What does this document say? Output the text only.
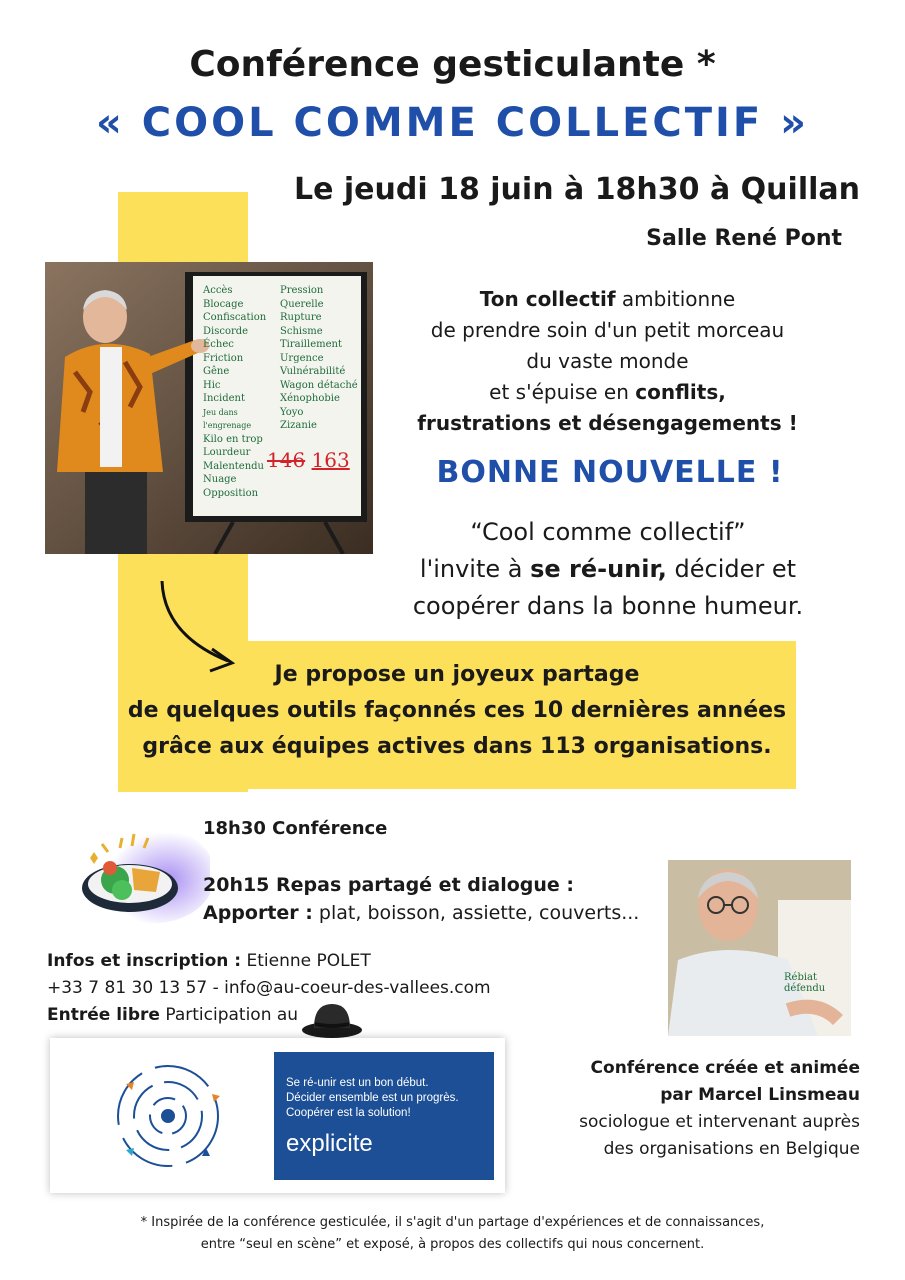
Conférence gesticulante *
« COOL COMME COLLECTIF »
Le jeudi 18 juin à 18h30 à Quillan
Salle René Pont
Accès
Blocage
Confiscation
Discorde
Échec
Friction
Gêne
Hic
Incident
Jeu dans l'engrenage
Kilo en trop
Lourdeur
Malentendu
Nuage
Opposition
Pression
Querelle
Rupture
Schisme
Tiraillement
Urgence
Vulnérabilité
Wagon détaché
Xénophobie
Yoyo
Zizanie
146 163
Ton collectif ambitionne
de prendre soin d'un petit morceau
du vaste monde
et s'épuise en conflits,
frustrations et désengagements !
BONNE NOUVELLE !
“Cool comme collectif”
l'invite à se ré-unir, décider et
coopérer dans la bonne humeur.
Je propose un joyeux partage
de quelques outils façonnés ces 10 dernières années
grâce aux équipes actives dans 113 organisations.
18h30 Conférence
20h15 Repas partagé et dialogue :
Apporter : plat, boisson, assiette, couverts...
Rébiat défendu
Infos et inscription : Etienne POLET
+33 7 81 30 13 57 - info@au-coeur-des-vallees.com
Entrée libre Participation au
Se ré-unir est un bon début.
Décider ensemble est un progrès.
Coopérer est la solution!
explicite
Conférence créée et animée
par Marcel Linsmeau
sociologue et intervenant auprès
des organisations en Belgique
* Inspirée de la conférence gesticulée, il s'agit d'un partage d'expériences et de connaissances,
entre “seul en scène” et exposé, à propos des collectifs qui nous concernent.
